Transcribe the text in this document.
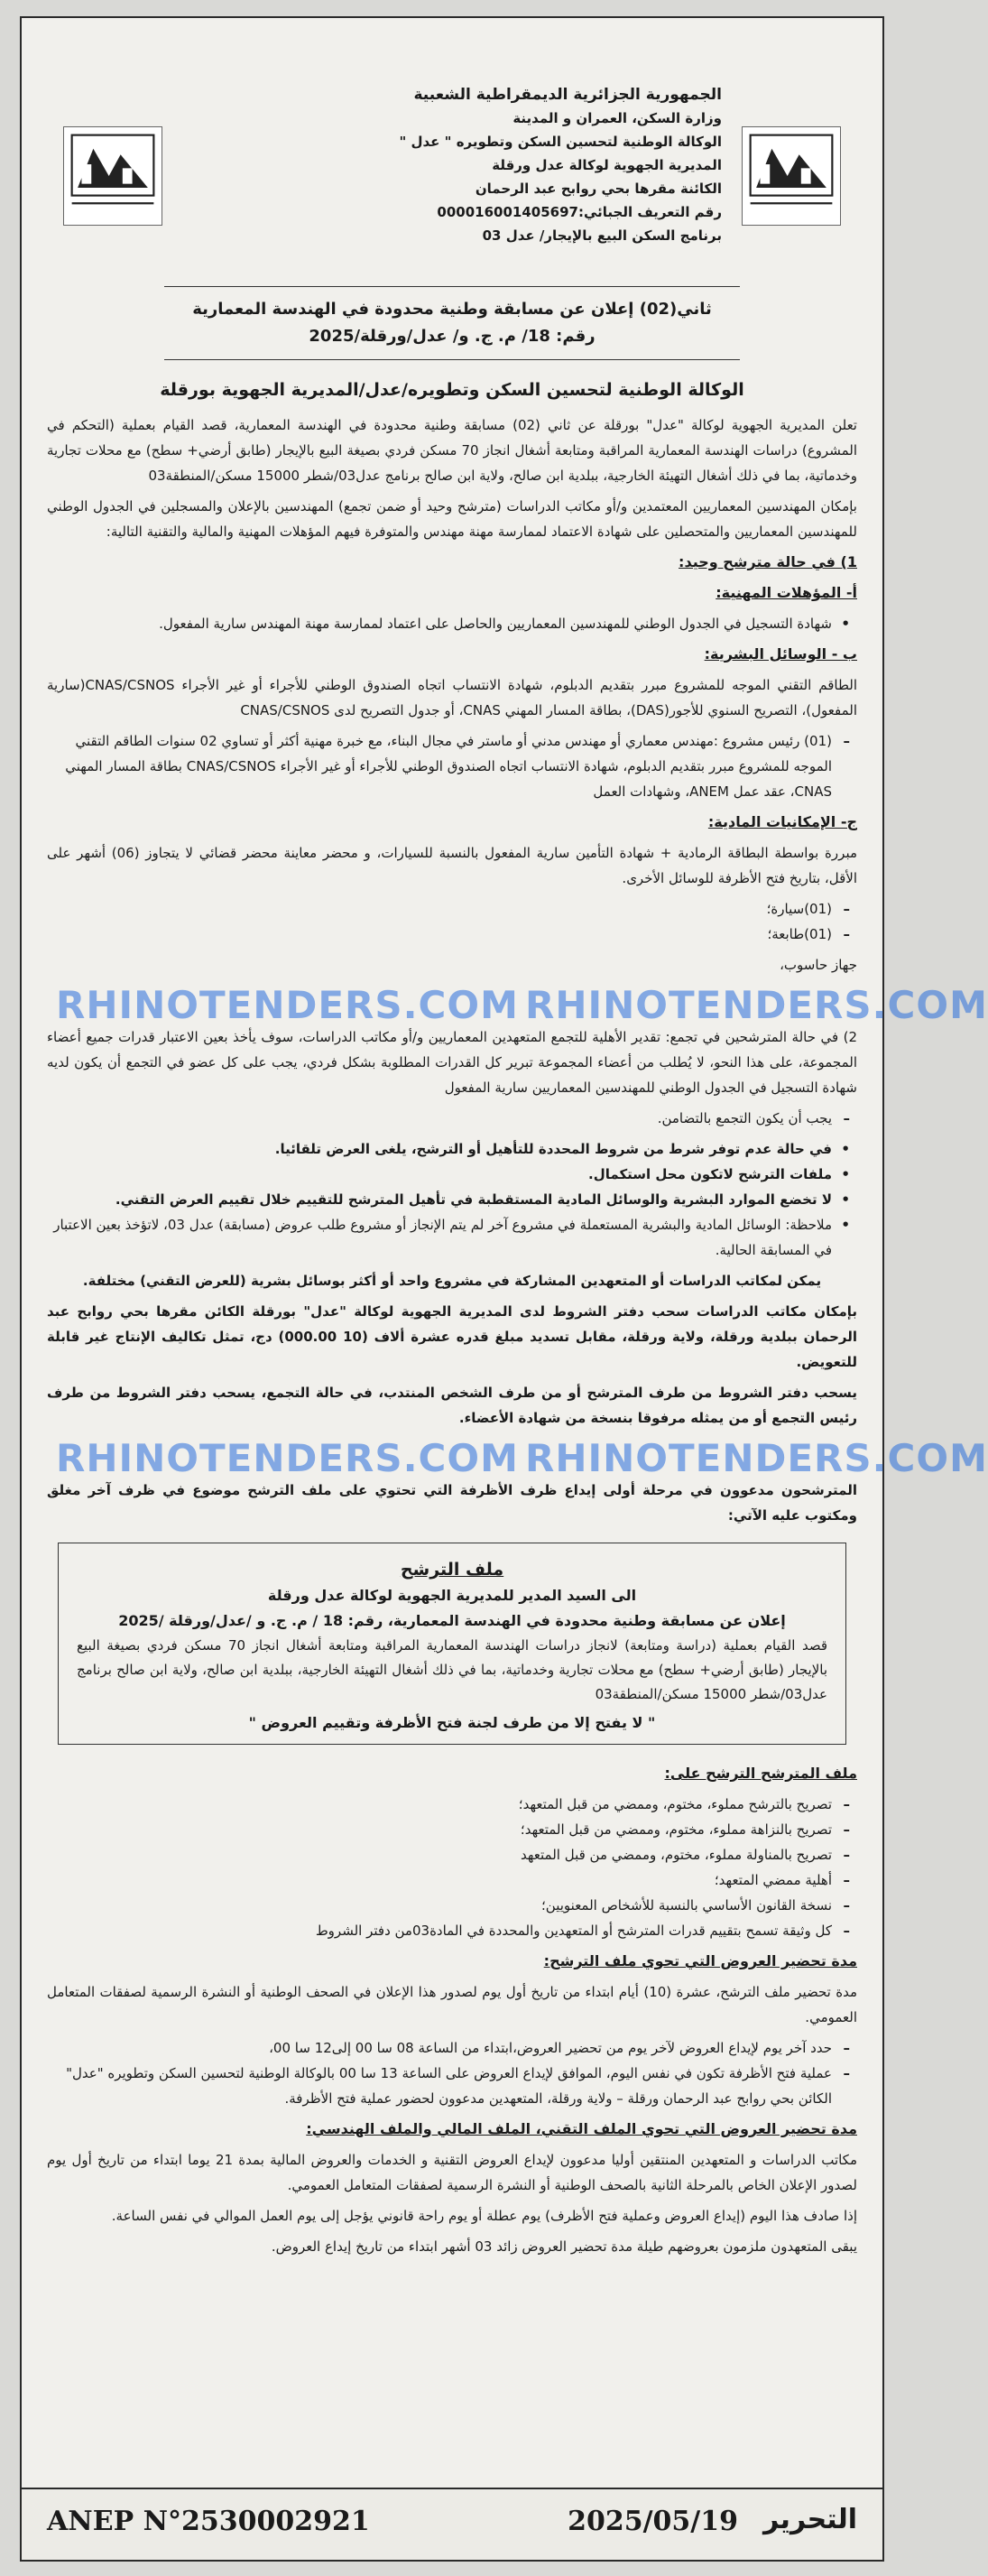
الجمهورية الجزائرية الديمقراطية الشعبية
وزارة السكن، العمران و المدينة
الوكالة الوطنية لتحسين السكن وتطويره " عدل "
المديرية الجهوية لوكالة عدل ورقلة
الكائنة مقرها بحي روابح عبد الرحمان
رقم التعريف الجبائي:000016001405697
برنامج السكن البيع بالإيجار/ عدل 03
ثاني(02) إعلان عن مسابقة وطنية محدودة في الهندسة المعمارية
رقم: 18/ م. ج. و/ عدل/ورقلة/2025
الوكالة الوطنية لتحسين السكن وتطويره/عدل/المديرية الجهوية بورقلة

تعلن المديرية الجهوية لوكالة "عدل" بورقلة عن ثاني (02) مسابقة وطنية محدودة في الهندسة المعمارية، قصد القيام بعملية (التحكم في المشروع) دراسات الهندسة المعمارية المراقبة ومتابعة أشغال انجاز 70 مسكن فردي بصيغة البيع بالإيجار (طابق أرضي+ سطح) مع محلات تجارية وخدماتية، بما في ذلك أشغال التهيئة الخارجية، ببلدية ابن صالح، ولاية ابن صالح برنامج عدل03/شطر 15000 مسكن/المنطقة03

بإمكان المهندسين المعماريين المعتمدين و/أو مكاتب الدراسات (مترشح وحيد أو ضمن تجمع) المهندسين بالإعلان والمسجلين في الجدول الوطني للمهندسين المعماريين والمتحصلين على شهادة الاعتماد لممارسة مهنة مهندس والمتوفرة فيهم المؤهلات المهنية والمالية والتقنية التالية:

1) في حالة مترشح وحيد:
أ- المؤهلات المهنية:
• شهادة التسجيل في الجدول الوطني للمهندسين المعماريين والحاصل على اعتماد لممارسة مهنة المهندس سارية المفعول.
ب - الوسائل البشرية:

الطاقم التقني الموجه للمشروع مبرر بتقديم الدبلوم، شهادة الانتساب اتجاه الصندوق الوطني للأجراء أو غير الأجراء CNAS/CSNOS(سارية المفعول)، التصريح السنوي للأجور(DAS)، بطاقة المسار المهني CNAS، أو جدول التصريح لدى CNAS/CSNOS

– (01) رئيس مشروع :مهندس معماري أو مهندس مدني أو ماستر في مجال البناء، مع خبرة مهنية أكثر أو تساوي 02 سنوات الطاقم التقني الموجه للمشروع مبرر بتقديم الدبلوم، شهادة الانتساب اتجاه الصندوق الوطني للأجراء أو غير الأجراء CNAS/CSNOS بطاقة المسار المهني CNAS، عقد عمل ANEM، وشهادات العمل
ج- الإمكانيات المادية:

مبررة بواسطة البطاقة الرمادية + شهادة التأمين سارية المفعول بالنسبة للسيارات، و محضر معاينة محضر قضائي لا يتجاوز (06) أشهر على الأقل، بتاريخ فتح الأظرفة للوسائل الأخرى.

– (01)سيارة؛
– (01)طابعة؛

جهاز حاسوب،

RHINOTENDERS.COM RHINOTENDERS.COM

2) في حالة المترشحين في تجمع: تقدير الأهلية للتجمع المتعهدين المعماريين و/أو مكاتب الدراسات، سوف يأخذ بعين الاعتبار قدرات جميع أعضاء المجموعة، على هذا النحو، لا يُطلب من أعضاء المجموعة تبرير كل القدرات المطلوبة بشكل فردي، يجب على كل عضو في التجمع أن يكون لديه شهادة التسجيل في الجدول الوطني للمهندسين المعماريين سارية المفعول

– يجب أن يكون التجمع بالتضامن.
• في حالة عدم توفر شرط من شروط المحددة للتأهيل أو الترشح، يلغى العرض تلقائيا.
• ملفات الترشح لاتكون محل استكمال.
• لا تخضع الموارد البشرية والوسائل المادية المستقطبة في تأهيل المترشح للتقييم خلال تقييم العرض التقني.
• ملاحظة: الوسائل المادية والبشرية المستعملة في مشروع آخر لم يتم الإنجاز أو مشروع طلب عروض (مسابقة) عدل 03، لاتؤخذ بعين الاعتبار في المسابقة الحالية.

يمكن لمكاتب الدراسات أو المتعهدين المشاركة في مشروع واحد أو أكثر بوسائل بشرية (للعرض التقني) مختلفة.

بإمكان مكاتب الدراسات سحب دفتر الشروط لدى المديرية الجهوية لوكالة "عدل" بورقلة الكائن مقرها بحي روابح عبد الرحمان ببلدية ورقلة، ولاية ورقلة، مقابل تسديد مبلغ قدره عشرة ألاف (10 000.00) دج، تمثل تكاليف الإنتاج غير قابلة للتعويض.

يسحب دفتر الشروط من طرف المترشح أو من طرف الشخص المنتدب، في حالة التجمع، يسحب دفتر الشروط من طرف رئيس التجمع أو من يمثله مرفوقا بنسخة من شهادة الأعضاء.

RHINOTENDERS.COM RHINOTENDERS.COM

المترشحون مدعوون في مرحلة أولى إيداع ظرف الأظرفة التي تحتوي على ملف الترشح موضوع في ظرف آخر مغلق ومكتوب عليه الآتي:

ملف الترشح
الى السيد المدير للمديرية الجهوية لوكالة عدل ورقلة
إعلان عن مسابقة وطنية محدودة في الهندسة المعمارية، رقم: 18 / م. ج. و /عدل/ورقلة /2025
قصد القيام بعملية (دراسة ومتابعة) لانجاز دراسات الهندسة المعمارية المراقبة ومتابعة أشغال انجاز 70 مسكن فردي بصيغة البيع بالإيجار (طابق أرضي+ سطح) مع محلات تجارية وخدماتية، بما في ذلك أشغال التهيئة الخارجية، ببلدية ابن صالح، ولاية ابن صالح برنامج عدل03/شطر 15000 مسكن/المنطقة03
" لا يفتح إلا من طرف لجنة فتح الأظرفة وتقييم العروض "
ملف المترشح الترشح على:
– تصريح بالترشح مملوء، مختوم، وممضي من قبل المتعهد؛
– تصريح بالنزاهة مملوء، مختوم، وممضي من قبل المتعهد؛
– تصريح بالمناولة مملوء، مختوم، وممضي من قبل المتعهد
– أهلية ممضي المتعهد؛
– نسخة القانون الأساسي بالنسبة للأشخاص المعنويين؛
– كل وثيقة تسمح بتقييم قدرات المترشح أو المتعهدين والمحددة في المادة03من دفتر الشروط
مدة تحضير العروض التي تحوي ملف الترشح:

مدة تحضير ملف الترشح، عشرة (10) أيام ابتداء من تاريخ أول يوم لصدور هذا الإعلان في الصحف الوطنية أو النشرة الرسمية لصفقات المتعامل العمومي.

– حدد آخر يوم لإيداع العروض لآخر يوم من تحضير العروض،ابتداء من الساعة 08 سا 00 إلى12 سا 00،
– عملية فتح الأظرفة تكون في نفس اليوم، الموافق لإيداع العروض على الساعة 13 سا 00 بالوكالة الوطنية لتحسين السكن وتطويره "عدل" الكائن بحي روابح عبد الرحمان ورقلة – ولاية ورقلة، المتعهدين مدعوون لحضور عملية فتح الأظرفة.
مدة تحضير العروض التي تحوي الملف التقني، الملف المالي والملف الهندسي:

مكاتب الدراسات و المتعهدين المنتقين أوليا مدعوون لإيداع العروض التقنية و الخدمات والعروض المالية بمدة 21 يوما ابتداء من تاريخ أول يوم لصدور الإعلان الخاص بالمرحلة الثانية بالصحف الوطنية أو النشرة الرسمية لصفقات المتعامل العمومي.

إذا صادف هذا اليوم (إيداع العروض وعملية فتح الأظرف) يوم عطلة أو يوم راحة قانوني يؤجل إلى يوم العمل الموالي في نفس الساعة.

يبقى المتعهدون ملزمون بعروضهم طيلة مدة تحضير العروض زائد 03 أشهر ابتداء من تاريخ إيداع العروض.

ANEP N°2530002921	2025/05/19 التحرير
